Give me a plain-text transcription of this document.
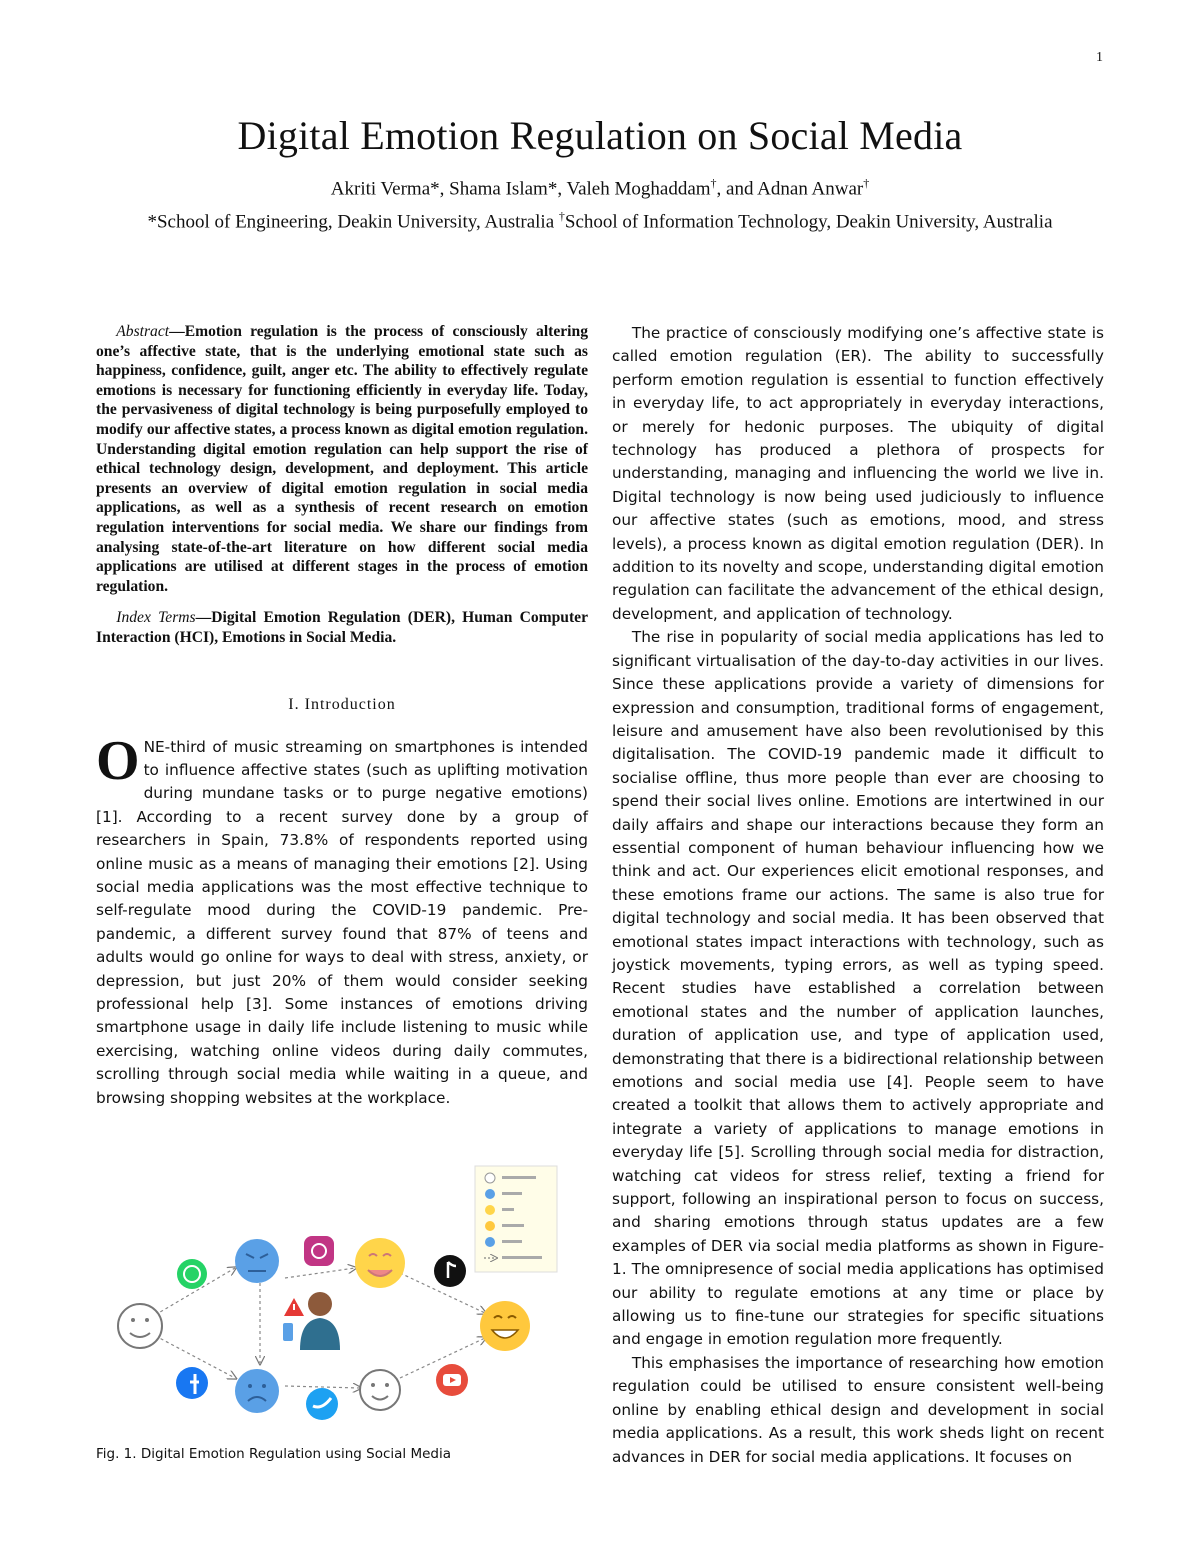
1
Digital Emotion Regulation on Social Media
Akriti Verma*, Shama Islam*, Valeh Moghaddam†, and Adnan Anwar†
*School of Engineering, Deakin University, Australia †School of Information Technology, Deakin University, Australia

Abstract—Emotion regulation is the process of consciously altering one’s affective state, that is the underlying emotional state such as happiness, confidence, guilt, anger etc. The ability to effectively regulate emotions is necessary for functioning efficiently in everyday life. Today, the pervasiveness of digital technology is being purposefully employed to modify our affective states, a process known as digital emotion regulation. Understanding digital emotion regulation can help support the rise of ethical technology design, development, and deployment. This article presents an overview of digital emotion regulation in social media applications, as well as a synthesis of recent research on emotion regulation interventions for social media. We share our findings from analysing state-of-the-art literature on how different social media applications are utilised at different stages in the process of emotion regulation.

Index Terms—Digital Emotion Regulation (DER), Human Computer Interaction (HCI), Emotions in Social Media.

I. Introduction

ONE-third of music streaming on smartphones is intended to influence affective states (such as uplifting motivation during mundane tasks or to purge negative emotions) [1]. According to a recent survey done by a group of researchers in Spain, 73.8% of respondents reported using online music as a means of managing their emotions [2]. Using social media applications was the most effective technique to self-regulate mood during the COVID-19 pandemic. Pre-pandemic, a different survey found that 87% of teens and adults would go online for ways to deal with stress, anxiety, or depression, but just 20% of them would consider seeking professional help [3]. Some instances of emotions driving smartphone usage in daily life include listening to music while exercising, watching online videos during daily commutes, scrolling through social media while waiting in a queue, and browsing shopping websites at the workplace.

Fig. 1. Digital Emotion Regulation using Social Media

The practice of consciously modifying one’s affective state is called emotion regulation (ER). The ability to successfully perform emotion regulation is essential to function effectively in everyday life, to act appropriately in everyday interactions, or merely for hedonic purposes. The ubiquity of digital technology has produced a plethora of prospects for understanding, managing and influencing the world we live in. Digital technology is now being used judiciously to influence our affective states (such as emotions, mood, and stress levels), a process known as digital emotion regulation (DER). In addition to its novelty and scope, understanding digital emotion regulation can facilitate the advancement of the ethical design, development, and application of technology.

The rise in popularity of social media applications has led to significant virtualisation of the day-to-day activities in our lives. Since these applications provide a variety of dimensions for expression and consumption, traditional forms of engagement, leisure and amusement have also been revolutionised by this digitalisation. The COVID-19 pandemic made it difficult to socialise offline, thus more people than ever are choosing to spend their social lives online. Emotions are intertwined in our daily affairs and shape our interactions because they form an essential component of human behaviour influencing how we think and act. Our experiences elicit emotional responses, and these emotions frame our actions. The same is also true for digital technology and social media. It has been observed that emotional states impact interactions with technology, such as joystick movements, typing errors, as well as typing speed. Recent studies have established a correlation between emotional states and the number of application launches, duration of application use, and type of application used, demonstrating that there is a bidirectional relationship between emotions and social media use [4]. People seem to have created a toolkit that allows them to actively appropriate and integrate a variety of applications to manage emotions in everyday life [5]. Scrolling through social media for distraction, watching cat videos for stress relief, texting a friend for support, following an inspirational person to focus on success, and sharing emotions through status updates are a few examples of DER via social media platforms as shown in Figure-1. The omnipresence of social media applications has optimised our ability to regulate emotions at any time or place by allowing us to fine-tune our strategies for specific situations and engage in emotion regulation more frequently.

This emphasises the importance of researching how emotion regulation could be utilised to ensure consistent well-being online by enabling ethical design and development in social media applications. As a result, this work sheds light on recent advances in DER for social media applications. It focuses on
